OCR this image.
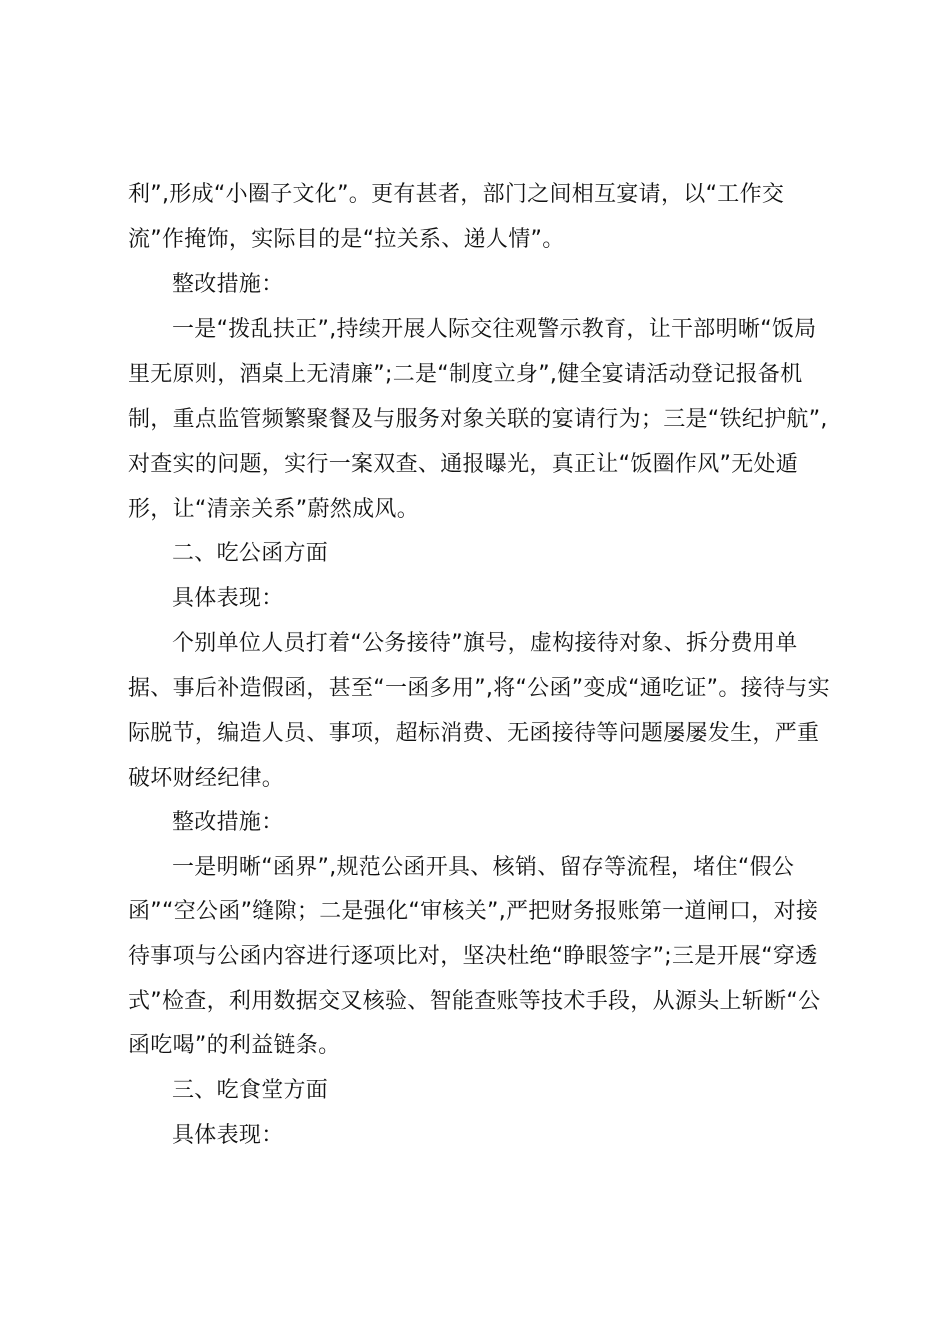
利”,形成“小圈子文化”。更有甚者，部门之间相互宴请，以“工作交
流”作掩饰，实际目的是“拉关系、递人情”。
整改措施：
一是“拨乱扶正”,持续开展人际交往观警示教育，让干部明晰“饭局
里无原则，酒桌上无清廉”;二是“制度立身”,健全宴请活动登记报备机
制，重点监管频繁聚餐及与服务对象关联的宴请行为；三是“铁纪护航”,
对查实的问题，实行一案双查、通报曝光，真正让“饭圈作风”无处遁
形，让“清亲关系”蔚然成风。
二、吃公函方面
具体表现：
个别单位人员打着“公务接待”旗号，虚构接待对象、拆分费用单
据、事后补造假函，甚至“一函多用”,将“公函”变成“通吃证”。接待与实
际脱节，编造人员、事项，超标消费、无函接待等问题屡屡发生，严重
破坏财经纪律。
整改措施：
一是明晰“函界”,规范公函开具、核销、留存等流程，堵住“假公
函”“空公函”缝隙；二是强化“审核关”,严把财务报账第一道闸口，对接
待事项与公函内容进行逐项比对，坚决杜绝“睁眼签字”;三是开展“穿透
式”检查，利用数据交叉核验、智能查账等技术手段，从源头上斩断“公
函吃喝”的利益链条。
三、吃食堂方面
具体表现：
